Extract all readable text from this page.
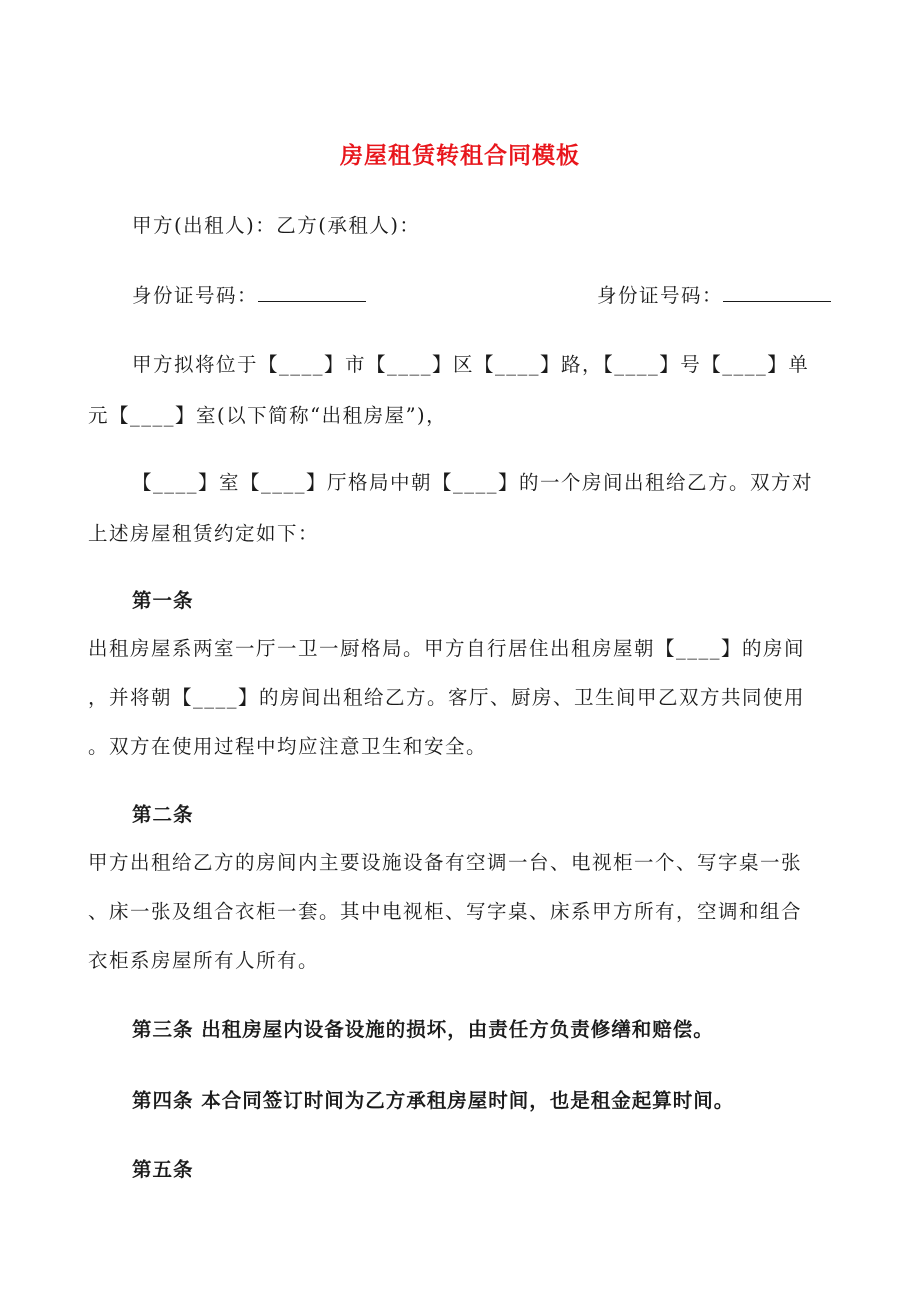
房屋租赁转租合同模板
甲方(出租人)：乙方(承租人)：
身份证号码：	身份证号码：
甲方拟将位于【____】市【____】区【____】路，【____】号【____】单
元【____】室(以下简称“出租房屋”)，
【____】室【____】厅格局中朝【____】的一个房间出租给乙方。双方对
上述房屋租赁约定如下：
第一条
出租房屋系两室一厅一卫一厨格局。甲方自行居住出租房屋朝【____】的房间
，并将朝【____】的房间出租给乙方。客厅、厨房、卫生间甲乙双方共同使用
。双方在使用过程中均应注意卫生和安全。
第二条
甲方出租给乙方的房间内主要设施设备有空调一台、电视柜一个、写字桌一张
、床一张及组合衣柜一套。其中电视柜、写字桌、床系甲方所有，空调和组合
衣柜系房屋所有人所有。
第三条 出租房屋内设备设施的损坏，由责任方负责修缮和赔偿。
第四条 本合同签订时间为乙方承租房屋时间，也是租金起算时间。
第五条
